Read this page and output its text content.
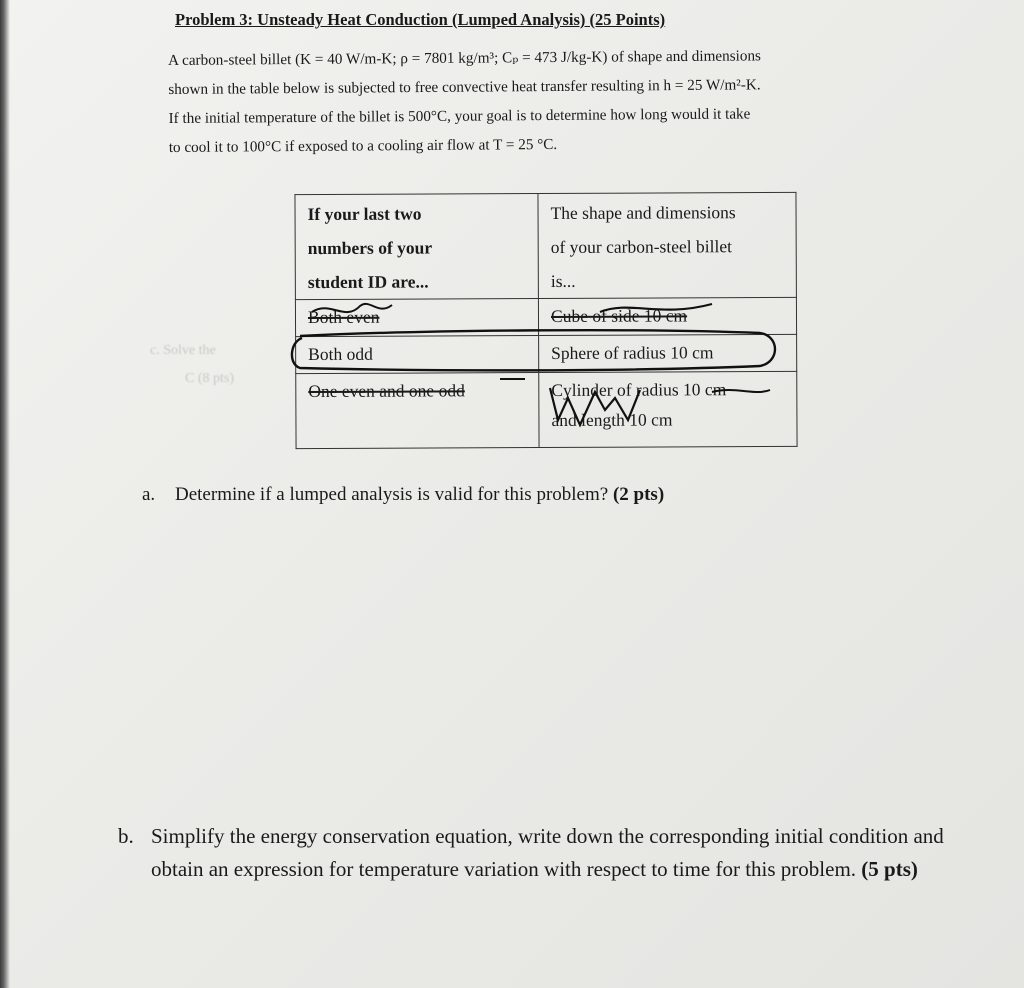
Problem 3: Unsteady Heat Conduction (Lumped Analysis) (25 Points)
A carbon-steel billet (K = 40 W/m-K; ρ = 7801 kg/m³; Cₚ = 473 J/kg-K) of shape and dimensions
shown in the table below is subjected to free convective heat transfer resulting in h = 25 W/m²-K.
If the initial temperature of the billet is 500°C, your goal is to determine how long would it take
to cool it to 100°C if exposed to a cooling air flow at T = 25 °C.
c. Solve the
C (8 pts)
If your last two
numbers of your
student ID are...	The shape and dimensions
of your carbon-steel billet
is...

Both even	Cube of side 10 cm
Both odd	Sphere of radius 10 cm
One even and one odd	Cylinder of radius 10 cm
and length 10 cm
a. Determine if a lumped analysis is valid for this problem? (2 pts)
b. Simplify the energy conservation equation, write down the corresponding initial condition and obtain an expression for temperature variation with respect to time for this problem. (5 pts)
